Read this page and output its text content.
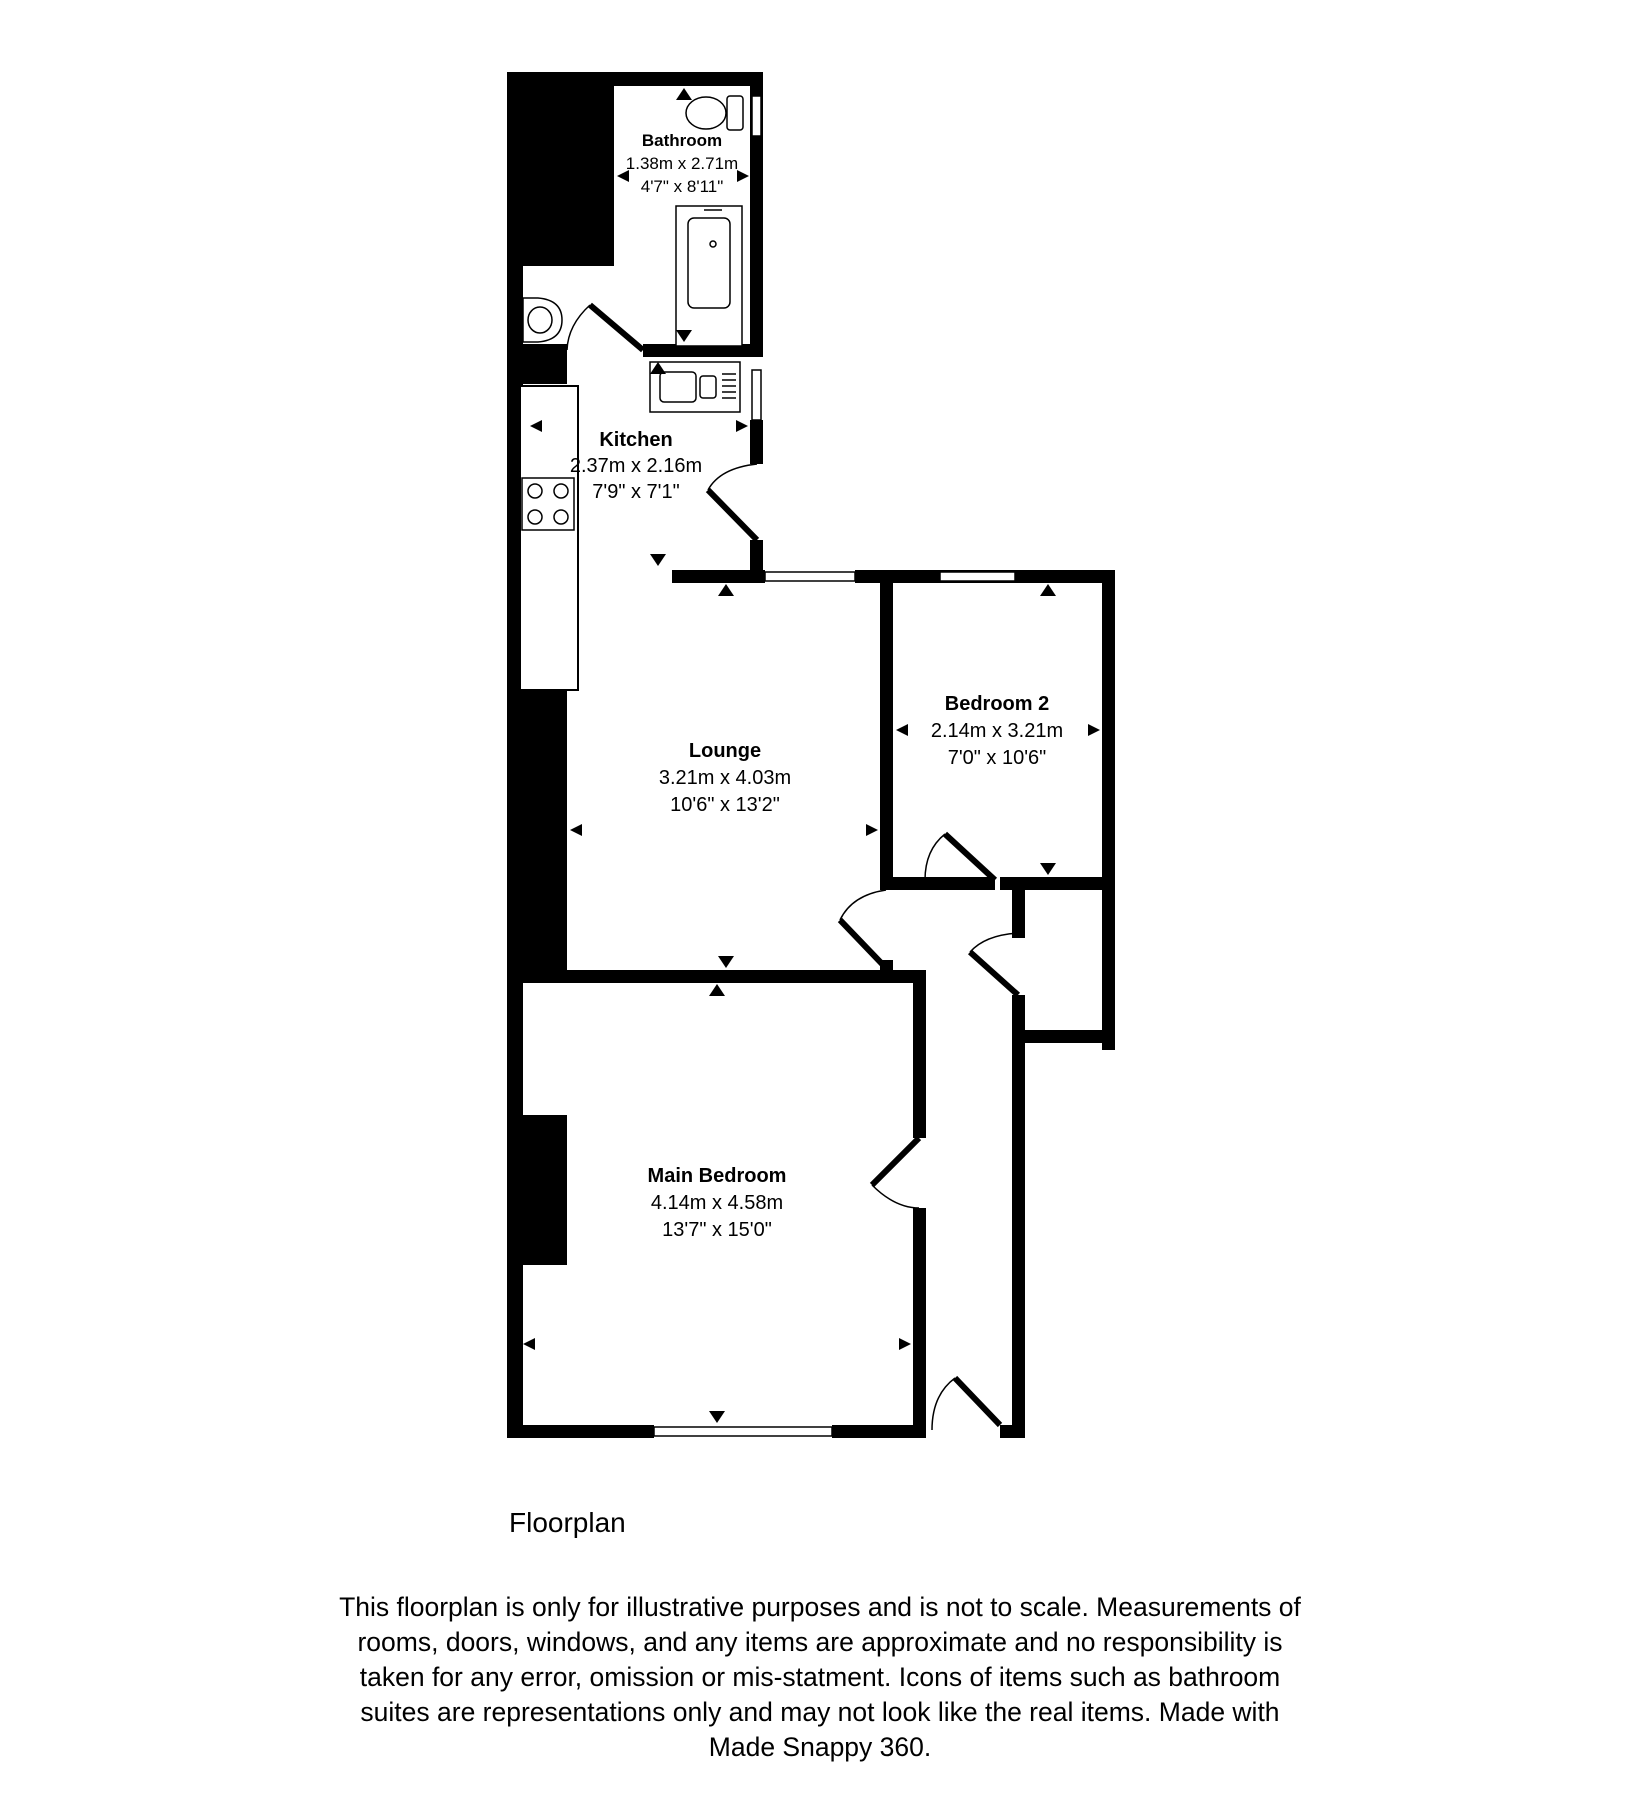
Bathroom
1.38m x 2.71m
4'7" x 8'11"
Kitchen
2.37m x 2.16m
7'9" x 7'1"
Lounge
3.21m x 4.03m
10'6" x 13'2"
Bedroom 2
2.14m x 3.21m
7'0" x 10'6"
Main Bedroom
4.14m x 4.58m
13'7" x 15'0"
Floorplan
This floorplan is only for illustrative purposes and is not to scale. Measurements of
rooms, doors, windows, and any items are approximate and no responsibility is
taken for any error, omission or mis-statment. Icons of items such as bathroom
suites are representations only and may not look like the real items. Made with
Made Snappy 360.
